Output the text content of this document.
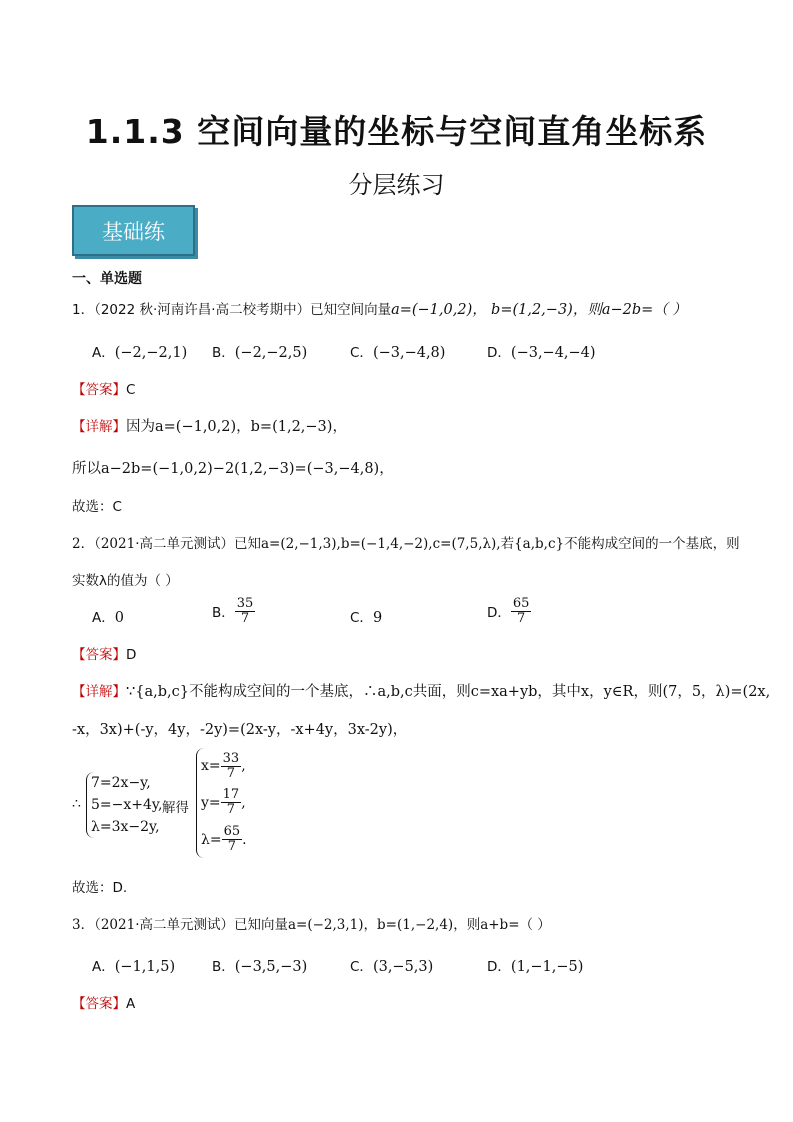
1.1.3 空间向量的坐标与空间直角坐标系
分层练习
基础练
一、单选题
1．（2022 秋·河南许昌·高二校考期中）已知空间向量a=(−1,0,2)， b=(1,2,−3)，则a−2b=（ ）
A．(−2,−2,1) B．(−2,−2,5)	C．(−3,−4,8)	D．(−3,−4,−4)
【答案】C
【详解】因为a=(−1,0,2)，b=(1,2,−3)，
所以a−2b=(−1,0,2)−2(1,2,−3)=(−3,−4,8)，
故选：C
2．（2021·高二单元测试）已知a=(2,−1,3),b=(−1,4,−2),c=(7,5,λ),若{a,b,c}不能构成空间的一个基底，则
实数λ的值为（ ）
A．0	B． $\frac{35}{7}$	C．9	D． $\frac{65}{7}$
【答案】D
【详解】∵{a,b,c}不能构成空间的一个基底，∴a,b,c共面，则c=xa+yb，其中x，y∈R，则(7，5，λ)=(2x,
-x，3x)+(-y，4y，-2y)=(2x-y，-x+4y，3x-2y)，
∴
7=2x−y,
5=−x+4y,
λ=3x−2y,
解得
$x= \frac{33}{7}$ ,
$y= \frac{17}{7}$ ,
$\lambda= \frac{65}{7}$ .
故选：D.
3．（2021·高二单元测试）已知向量a=(−2,3,1)，b=(1,−2,4)，则a+b=（ ）
A．(−1,1,5)	B．(−3,5,−3)	C．(3,−5,3)	D．(1,−1,−5)
【答案】A
